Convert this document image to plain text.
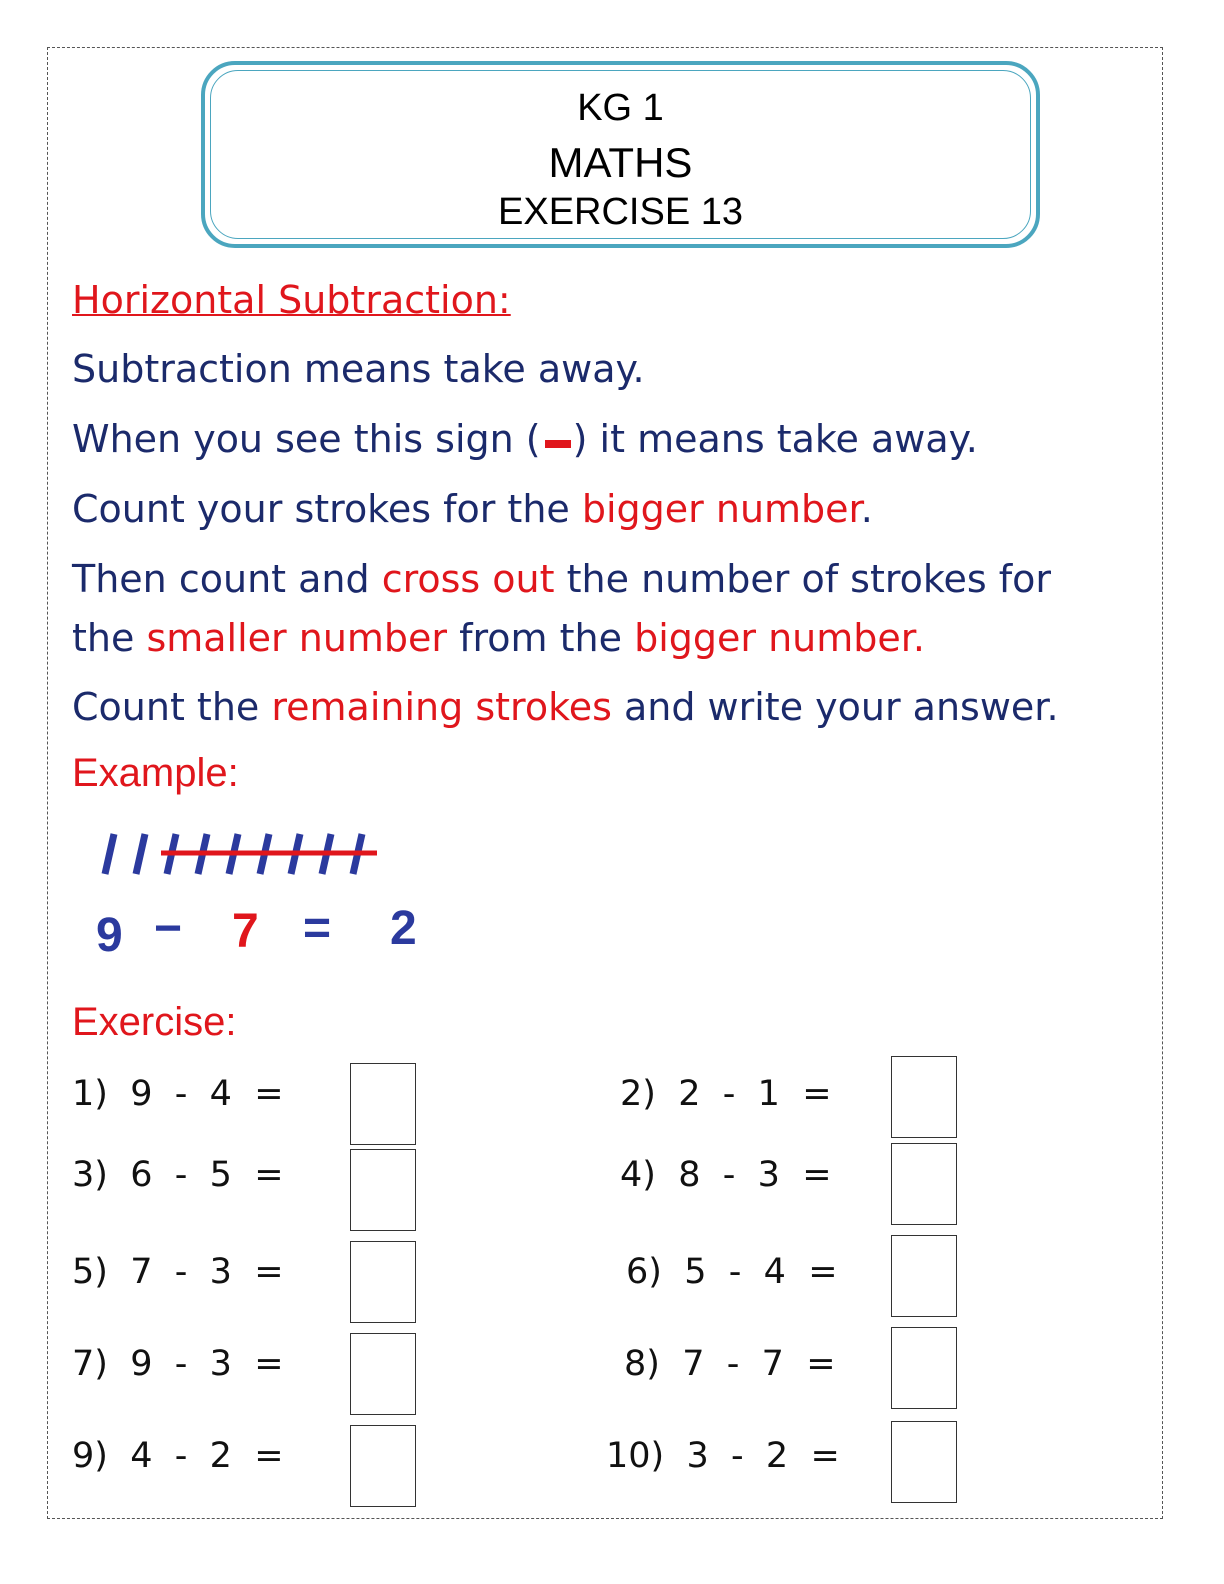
KG 1
MATHS
EXERCISE 13
Horizontal Subtraction:
Subtraction means take away.
When you see this sign ( ) it means take away.
Count your strokes for the bigger number.
Then count and cross out the number of strokes for
the smaller number from the bigger number.
Count the remaining strokes and write your answer.
Example:
9 − 7 = 2
Exercise:
1) 9 - 4 =	2) 2 - 1 =
3) 6 - 5 =	4) 8 - 3 =
5) 7 - 3 =	6) 5 - 4 =
7) 9 - 3 =	8) 7 - 7 =
9) 4 - 2 =	10) 3 - 2 =
